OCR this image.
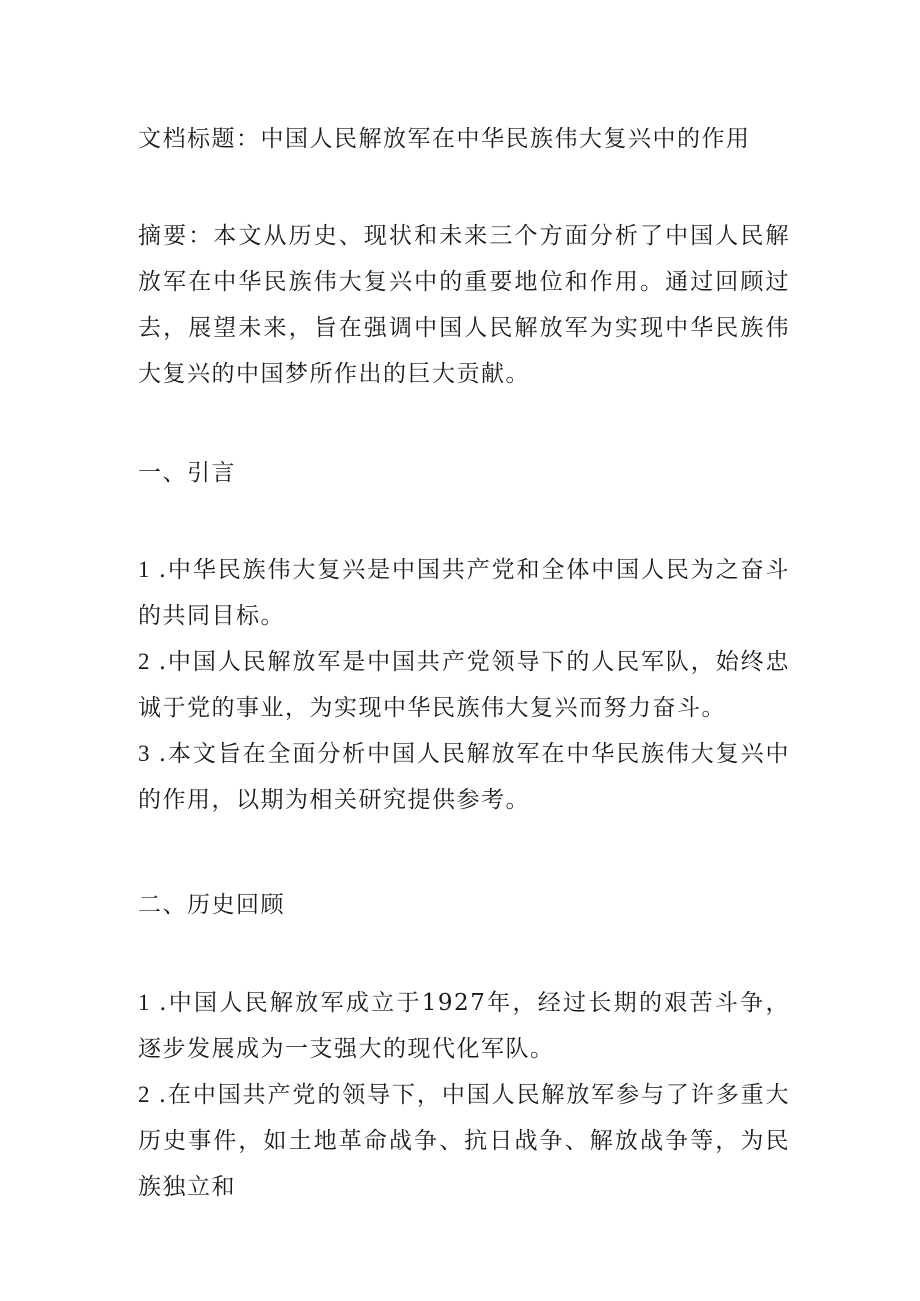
文档标题：中国人民解放军在中华民族伟大复兴中的作用

摘要：本文从历史、现状和未来三个方面分析了中国人民解放军在中华民族伟大复兴中的重要地位和作用。通过回顾过去，展望未来，旨在强调中国人民解放军为实现中华民族伟大复兴的中国梦所作出的巨大贡献。

一、引言

1 .中华民族伟大复兴是中国共产党和全体中国人民为之奋斗的共同目标。

2 .中国人民解放军是中国共产党领导下的人民军队，始终忠诚于党的事业，为实现中华民族伟大复兴而努力奋斗。

3 .本文旨在全面分析中国人民解放军在中华民族伟大复兴中的作用，以期为相关研究提供参考。

二、历史回顾

1 .中国人民解放军成立于1927年，经过长期的艰苦斗争，逐步发展成为一支强大的现代化军队。

2 .在中国共产党的领导下，中国人民解放军参与了许多重大历史事件，如土地革命战争、抗日战争、解放战争等，为民族独立和
